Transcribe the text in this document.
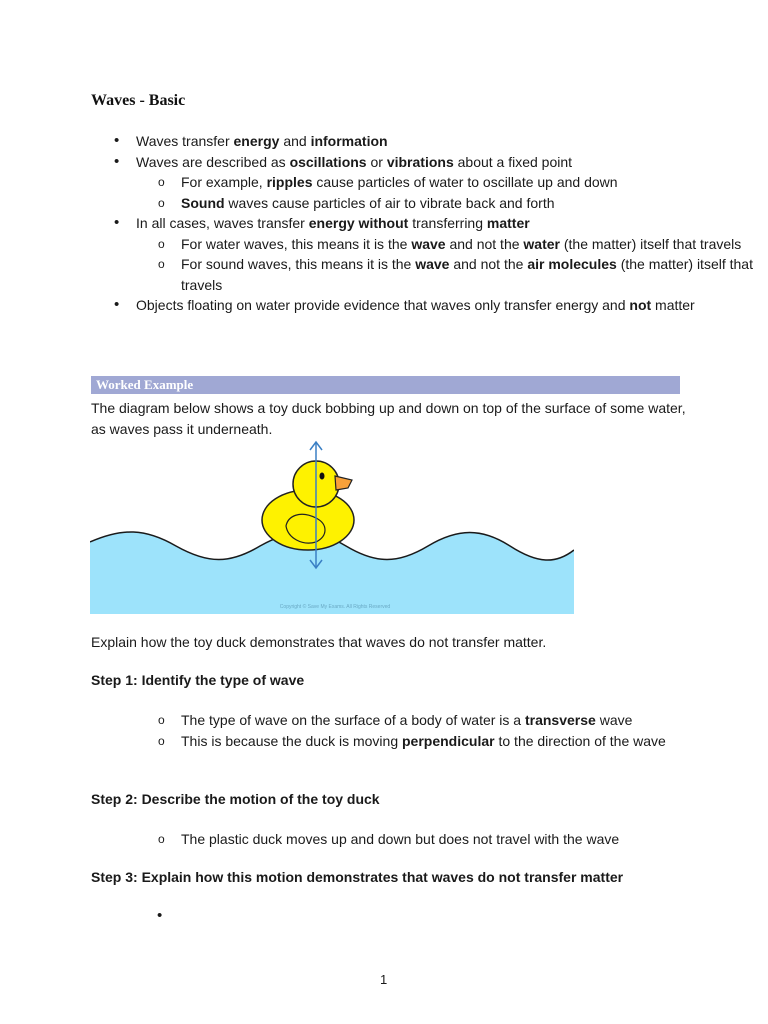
Waves - Basic
• Waves transfer energy and information
• Waves are described as oscillations or vibrations about a fixed point
o For example, ripples cause particles of water to oscillate up and down
o Sound waves cause particles of air to vibrate back and forth
• In all cases, waves transfer energy without transferring matter
o For water waves, this means it is the wave and not the water (the matter) itself that travels
o For sound waves, this means it is the wave and not the air molecules (the matter) itself that travels
• Objects floating on water provide evidence that waves only transfer energy and not matter
Worked Example
The diagram below shows a toy duck bobbing up and down on top of the surface of some water, as waves pass it underneath.
Copyright © Save My Exams. All Rights Reserved
Explain how the toy duck demonstrates that waves do not transfer matter.
Step 1: Identify the type of wave
o The type of wave on the surface of a body of water is a transverse wave
o This is because the duck is moving perpendicular to the direction of the wave
Step 2: Describe the motion of the toy duck
o The plastic duck moves up and down but does not travel with the wave
Step 3: Explain how this motion demonstrates that waves do not transfer matter
•

1
